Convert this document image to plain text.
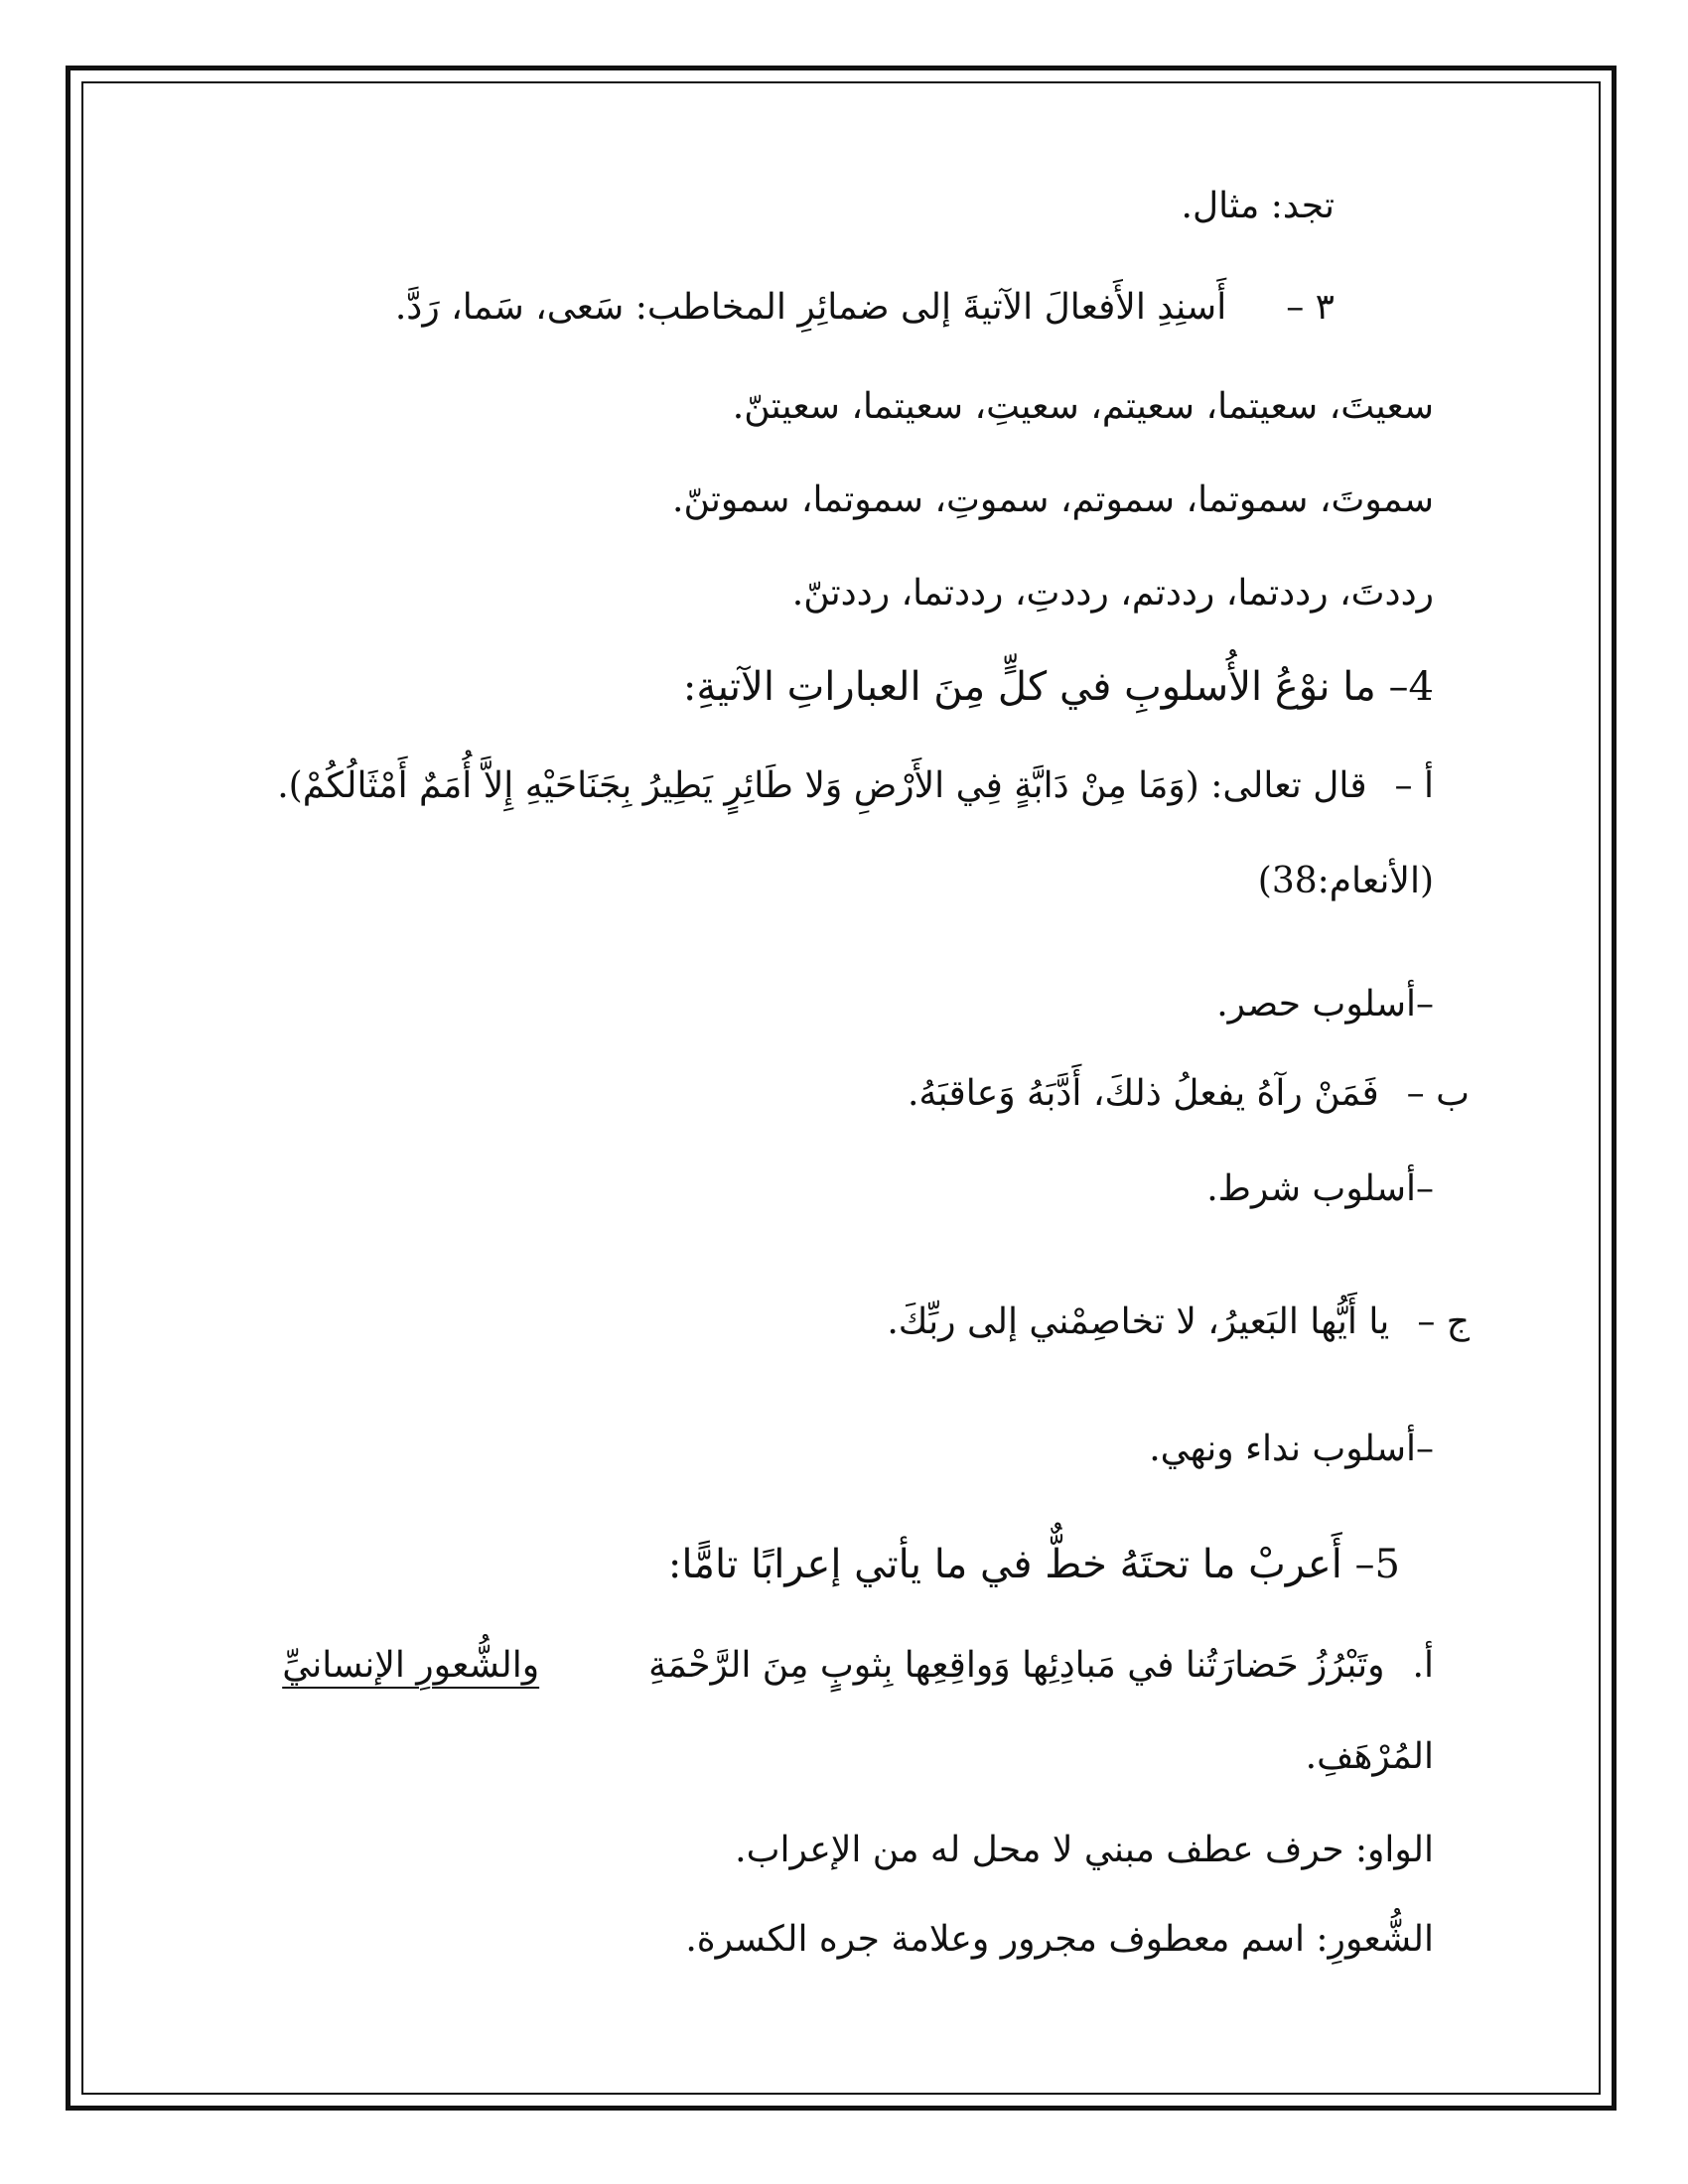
تجد: مثال.
٣ –أَسنِدِ الأَفعالَ الآتيةَ إلى ضمائِرِ المخاطب: سَعى، سَما، رَدَّ.
سعيتَ، سعيتما، سعيتم، سعيتِ، سعيتما، سعيتنّ.
سموتَ، سموتما، سموتم، سموتِ، سموتما، سموتنّ.
رددتَ، رددتما، رددتم، رددتِ، رددتما، رددتنّ.
4– ما نوْعُ الأُسلوبِ في كلٍّ مِنَ العباراتِ الآتيةِ:
أ –قال تعالى: (وَمَا مِنْ دَابَّةٍ فِي الأَرْضِ وَلا طَائِرٍ يَطِيرُ بِجَنَاحَيْهِ إِلاَّ أُمَمٌ أَمْثَالُكُمْ).
(الأنعام:38)
–أسلوب حصر.
ب –فَمَنْ رآهُ يفعلُ ذلكَ، أَدَّبَهُ وَعاقبَهُ.
–أسلوب شرط.
ج –يا أَيُّها البَعيرُ، لا تخاصِمْني إلى ربِّكَ.
–أسلوب نداء ونهي.
5– أَعربْ ما تحتَهُ خطٌّ في ما يأتي إعرابًا تامًّا:
أ.وتَبْرُزُ حَضارَتُنا في مَبادِئِها وَواقِعِها بِثوبٍ مِنَ الرَّحْمَةِوالشُّعورِ الإنسانيِّ
المُرْهَفِ.
الواو: حرف عطف مبني لا محل له من الإعراب.
الشُّعورِ: اسم معطوف مجرور وعلامة جره الكسرة.
